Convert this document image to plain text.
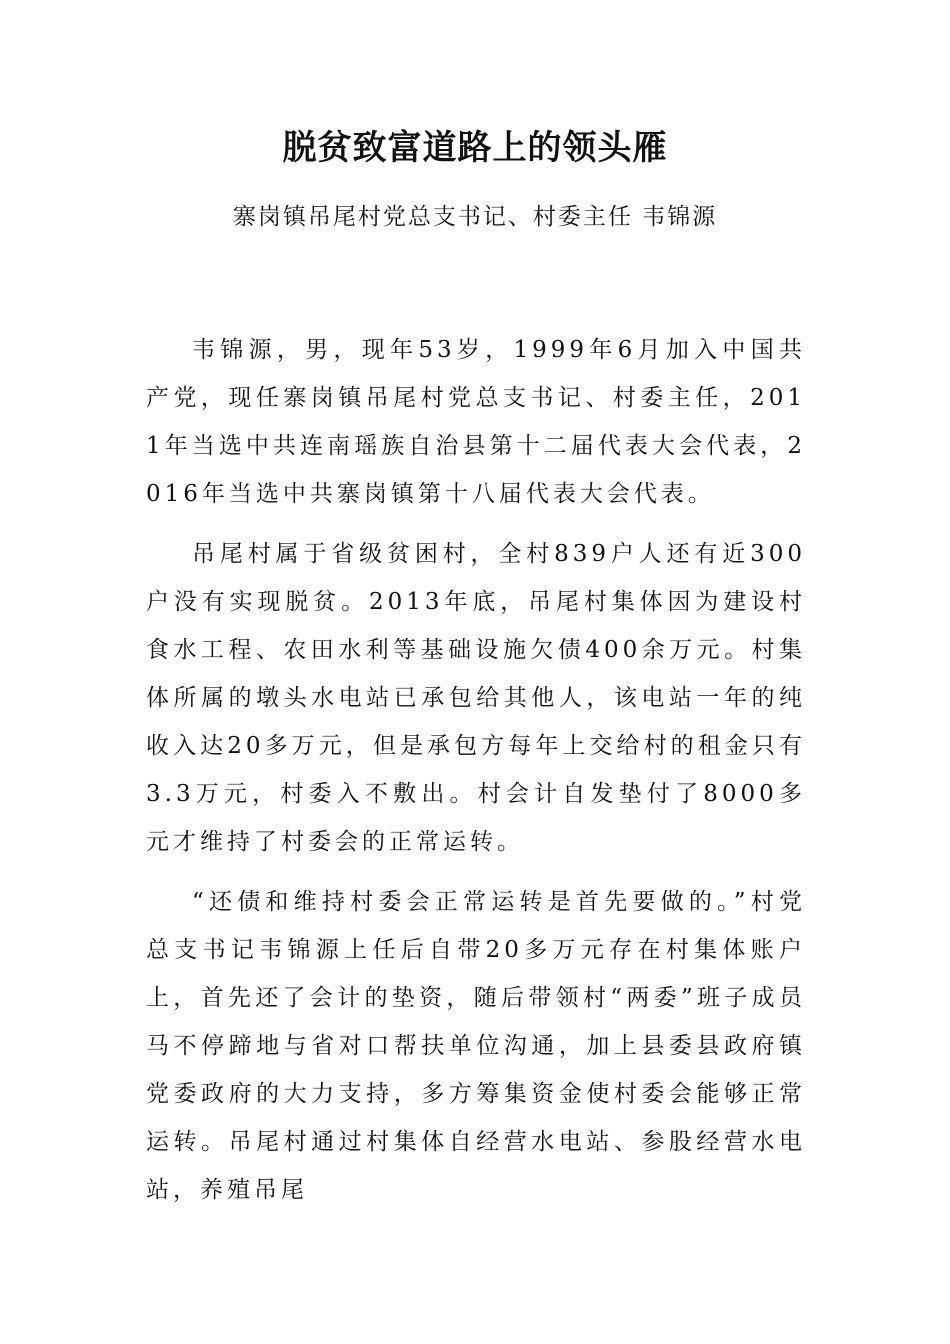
脱贫致富道路上的领头雁

寨岗镇吊尾村党总支书记、村委主任 韦锦源

韦锦源，男，现年53岁，1999年6月加入中国共产党，现任寨岗镇吊尾村党总支书记、村委主任，2011年当选中共连南瑶族自治县第十二届代表大会代表，2016年当选中共寨岗镇第十八届代表大会代表。

吊尾村属于省级贫困村，全村839户人还有近300户没有实现脱贫。2013年底，吊尾村集体因为建设村食水工程、农田水利等基础设施欠债400余万元。村集体所属的墩头水电站已承包给其他人，该电站一年的纯收入达20多万元，但是承包方每年上交给村的租金只有3.3万元，村委入不敷出。村会计自发垫付了8000多元才维持了村委会的正常运转。

“还债和维持村委会正常运转是首先要做的。”村党总支书记韦锦源上任后自带20多万元存在村集体账户上，首先还了会计的垫资，随后带领村“两委”班子成员马不停蹄地与省对口帮扶单位沟通，加上县委县政府镇党委政府的大力支持，多方筹集资金使村委会能够正常运转。吊尾村通过村集体自经营水电站、参股经营水电站，养殖吊尾
